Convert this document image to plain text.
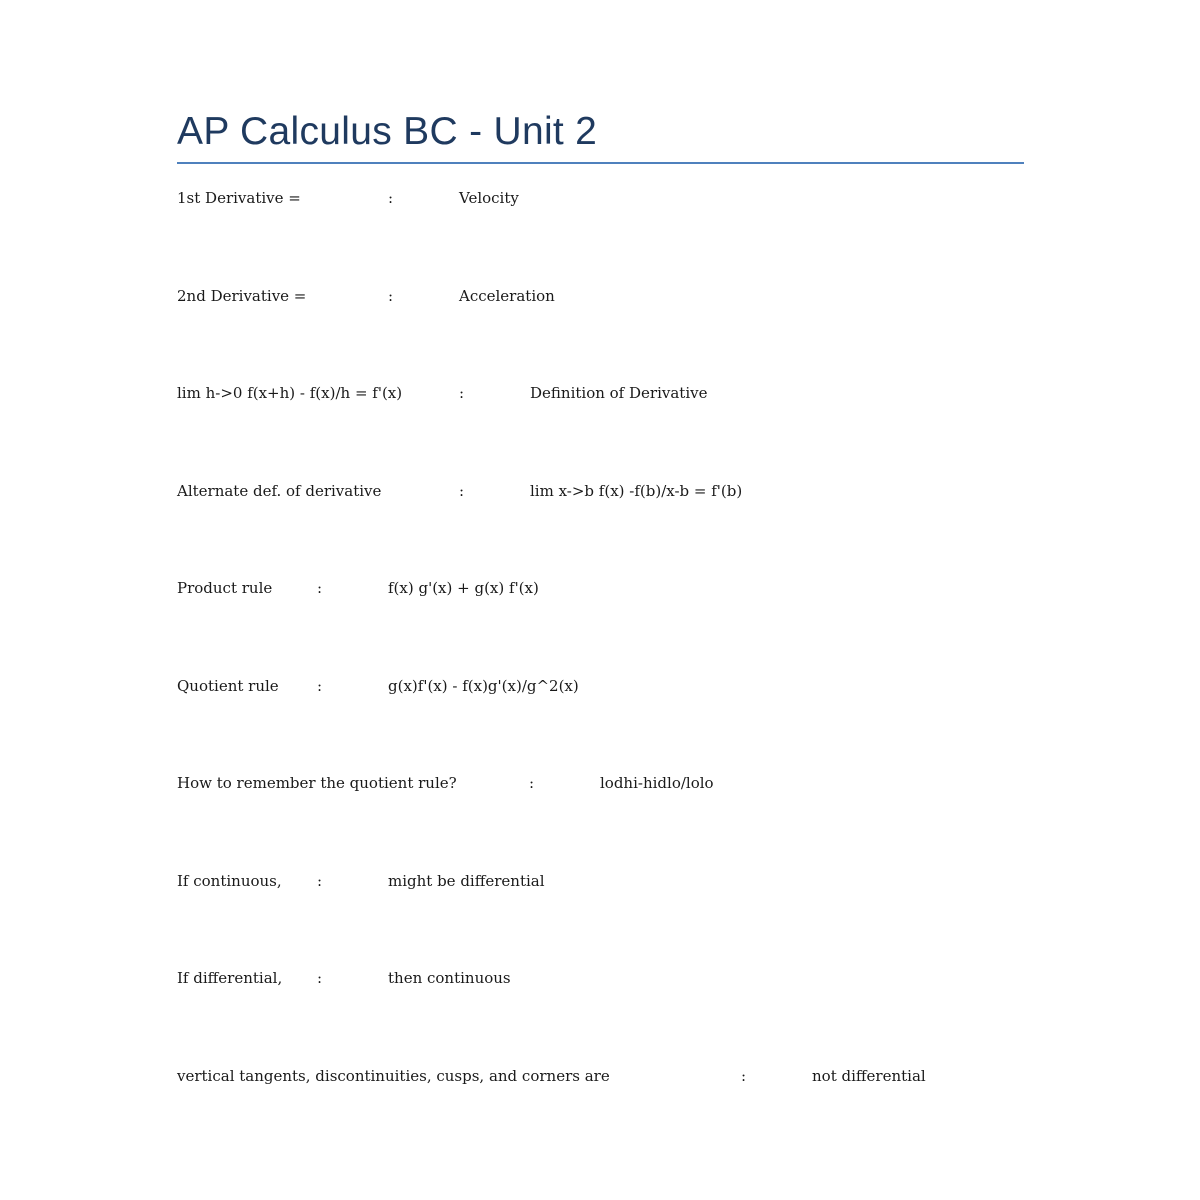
AP Calculus BC - Unit 2
1st Derivative =	:	Velocity
2nd Derivative =	:	Acceleration
lim h->0 f(x+h) - f(x)/h = f'(x)	:	Definition of Derivative
Alternate def. of derivative	:	lim x->b f(x) -f(b)/x-b = f'(b)
Product rule	:	f(x) g'(x) + g(x) f'(x)
Quotient rule	:	g(x)f'(x) - f(x)g'(x)/g^2(x)
How to remember the quotient rule?	:	lodhi-hidlo/lolo
If continuous, :	might be differential
If differential, :	then continuous
vertical tangents, discontinuities, cusps, and corners are	:	not differential
